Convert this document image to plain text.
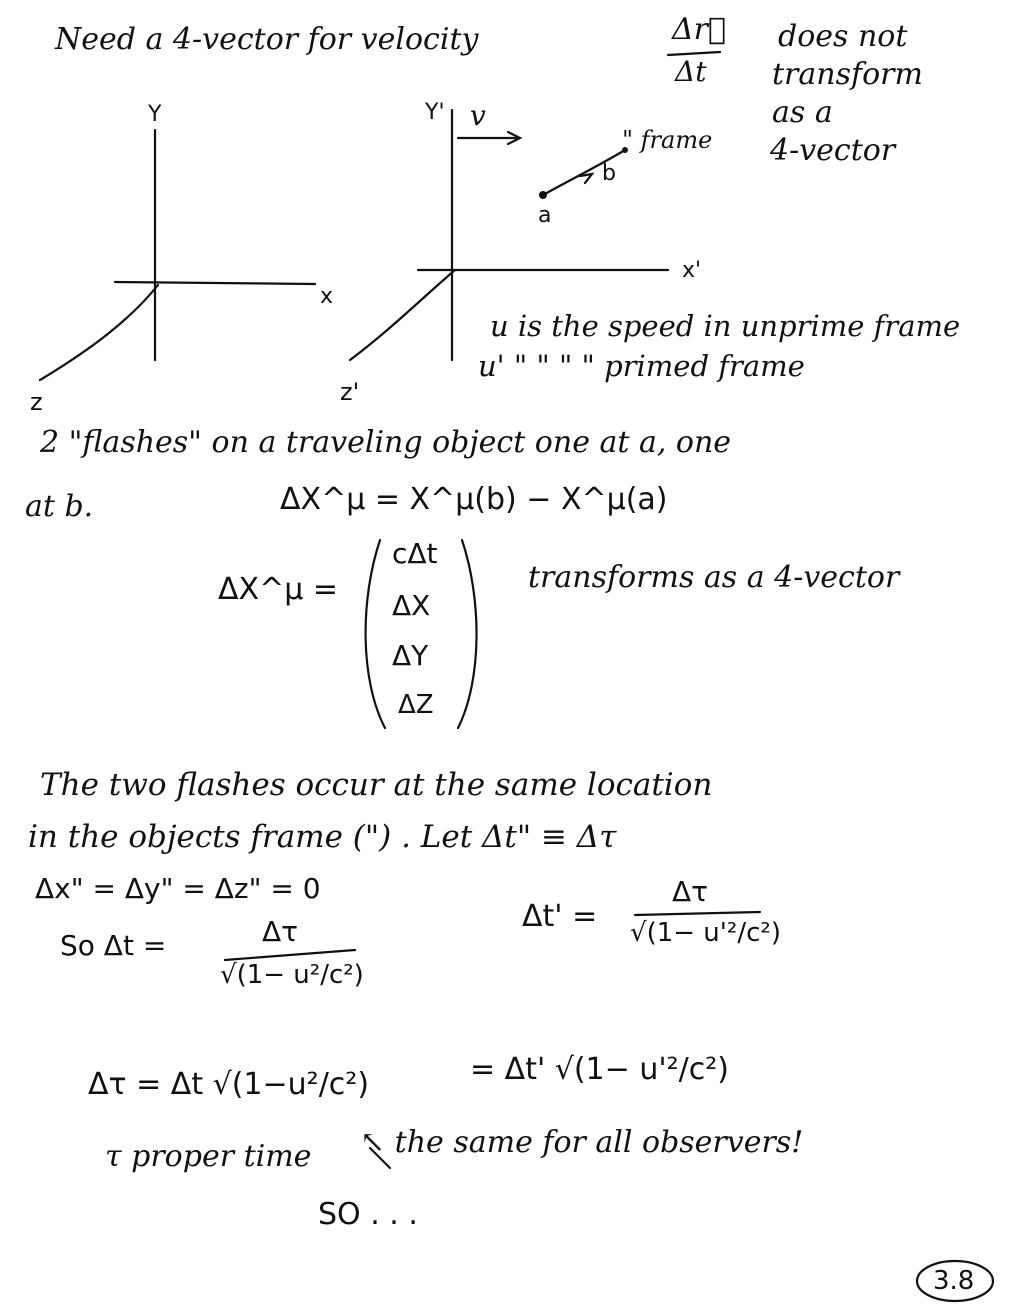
Need a 4-vector for velocity	Δr⃗
Δt
does not
transform
as a
4-vector
Y
x
z
Y'
x'
z'
v
a
b
" frame
u is the speed in unprime frame
u' " " " " primed frame
2 "flashes" on a traveling object one at a, one
at b.	ΔX^μ = X^μ(b) − X^μ(a)
ΔX^μ =
cΔt
ΔX
ΔY
ΔZ
transforms as a 4-vector
The two flashes occur at the same location
in the objects frame (") . Let Δt" ≡ Δτ
Δx" = Δy" = Δz" = 0
So Δt =	Δτ
√(1− u²/c²)
Δt' =
Δτ
√(1− u'²/c²)
Δτ = Δt √(1−u²/c²)	= Δt' √(1− u'²/c²)
τ proper time ↖ the same for all observers!
SO . . .
3.8
